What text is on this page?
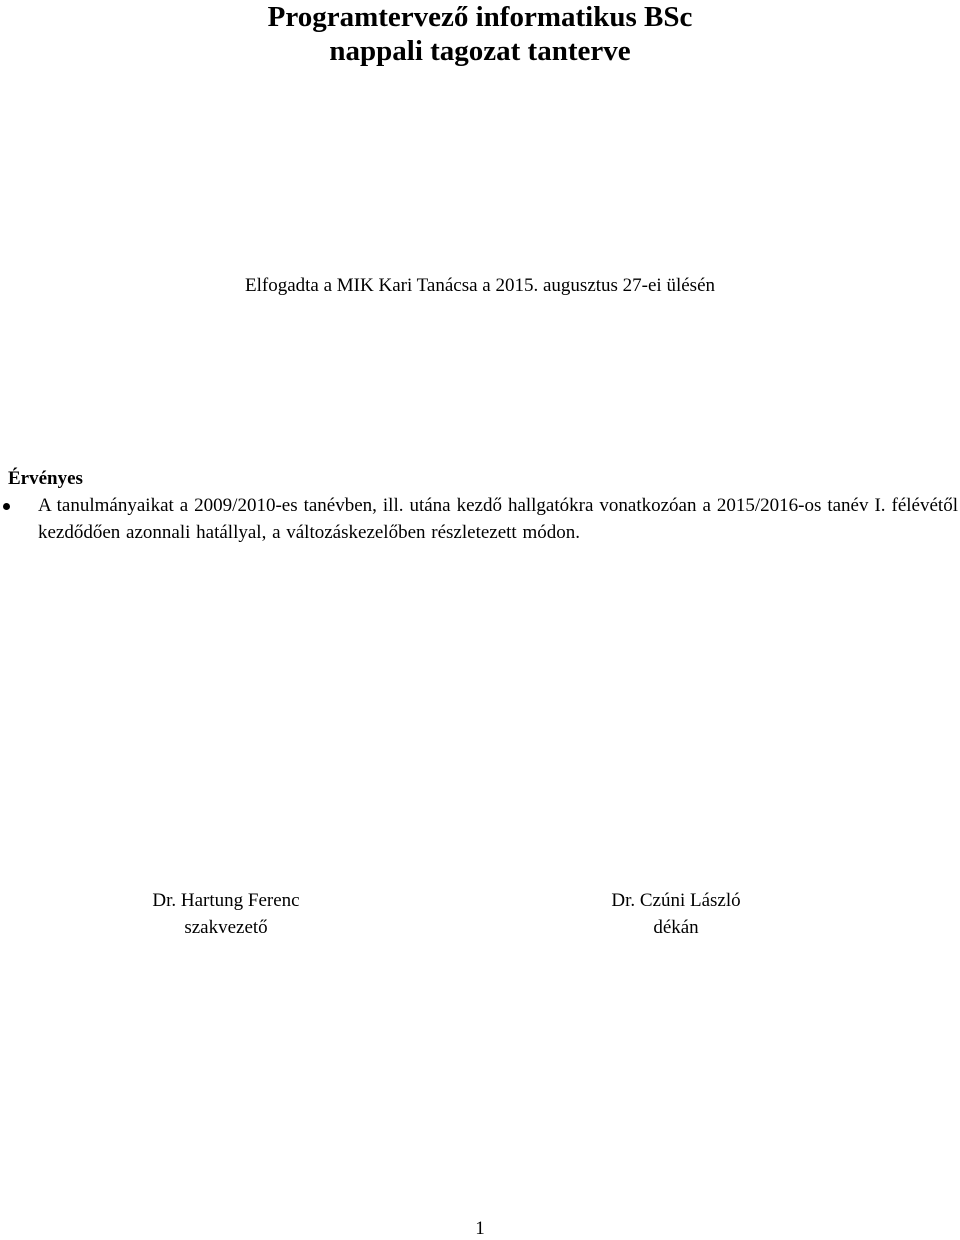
Programtervező informatikus BSc
nappali tagozat tanterve
Elfogadta a MIK Kari Tanácsa a 2015. augusztus 27-ei ülésén
Érvényes
A tanulmányaikat a 2009/2010-es tanévben, ill. utána kezdő hallgatókra vonatkozóan a 2015/2016-os tanév I. félévétől kezdődően azonnali hatállyal, a változáskezelőben részletezett módon.
Dr. Hartung Ferenc
szakvezető
Dr. Czúni László
dékán
1
